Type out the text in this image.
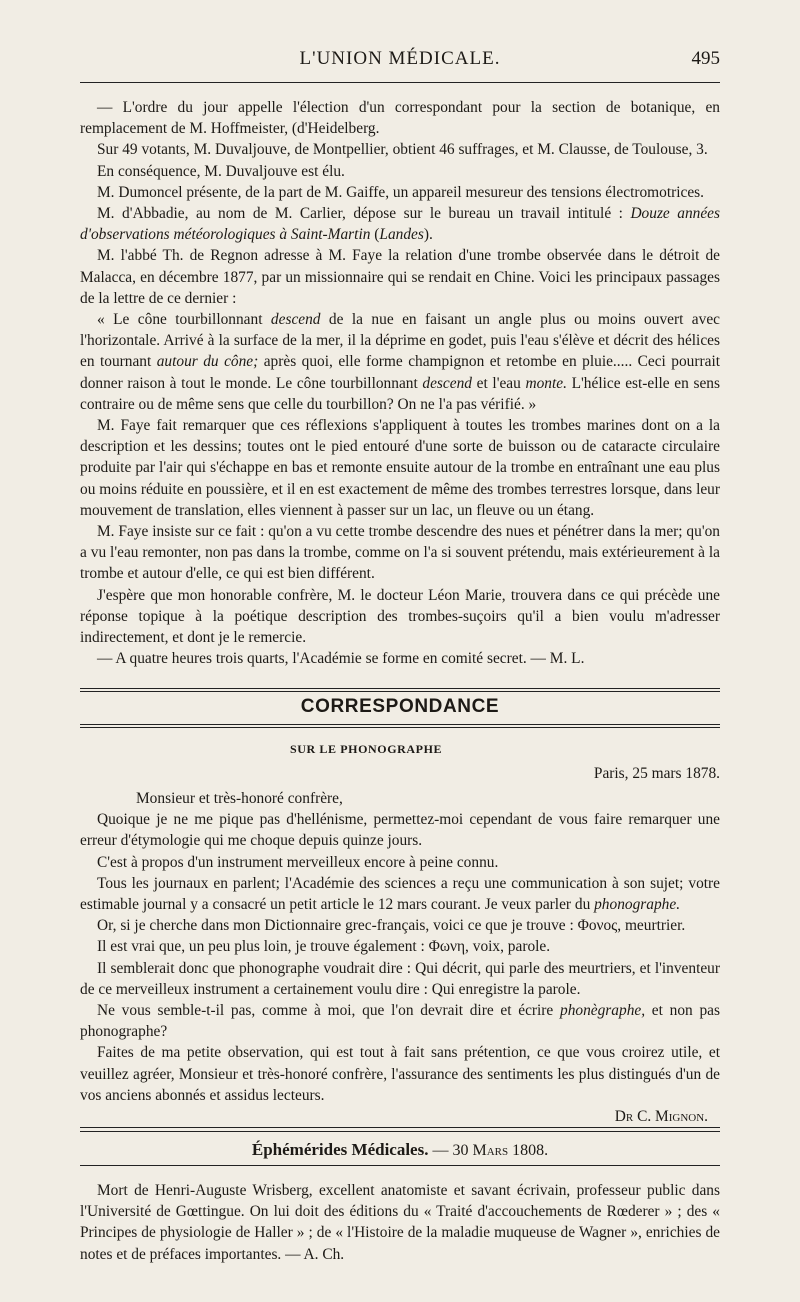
L'UNION MÉDICALE.	495

— L'ordre du jour appelle l'élection d'un correspondant pour la section de botanique, en remplacement de M. Hoffmeister, (d'Heidelberg.

Sur 49 votants, M. Duvaljouve, de Montpellier, obtient 46 suffrages, et M. Clausse, de Toulouse, 3.

En conséquence, M. Duvaljouve est élu.

M. Dumoncel présente, de la part de M. Gaiffe, un appareil mesureur des tensions électromotrices.

M. d'Abbadie, au nom de M. Carlier, dépose sur le bureau un travail intitulé : Douze années d'observations météorologiques à Saint-Martin (Landes).

M. l'abbé Th. de Regnon adresse à M. Faye la relation d'une trombe observée dans le détroit de Malacca, en décembre 1877, par un missionnaire qui se rendait en Chine. Voici les principaux passages de la lettre de ce dernier :

« Le cône tourbillonnant descend de la nue en faisant un angle plus ou moins ouvert avec l'horizontale. Arrivé à la surface de la mer, il la déprime en godet, puis l'eau s'élève et décrit des hélices en tournant autour du cône; après quoi, elle forme champignon et retombe en pluie..... Ceci pourrait donner raison à tout le monde. Le cône tourbillonnant descend et l'eau monte. L'hélice est-elle en sens contraire ou de même sens que celle du tourbillon? On ne l'a pas vérifié. »

M. Faye fait remarquer que ces réflexions s'appliquent à toutes les trombes marines dont on a la description et les dessins; toutes ont le pied entouré d'une sorte de buisson ou de cataracte circulaire produite par l'air qui s'échappe en bas et remonte ensuite autour de la trombe en entraînant une eau plus ou moins réduite en poussière, et il en est exactement de même des trombes terrestres lorsque, dans leur mouvement de translation, elles viennent à passer sur un lac, un fleuve ou un étang.

M. Faye insiste sur ce fait : qu'on a vu cette trombe descendre des nues et pénétrer dans la mer; qu'on a vu l'eau remonter, non pas dans la trombe, comme on l'a si souvent prétendu, mais extérieurement à la trombe et autour d'elle, ce qui est bien différent.

J'espère que mon honorable confrère, M. le docteur Léon Marie, trouvera dans ce qui précède une réponse topique à la poétique description des trombes-suçoirs qu'il a bien voulu m'adresser indirectement, et dont je le remercie.

— A quatre heures trois quarts, l'Académie se forme en comité secret. — M. L.

CORRESPONDANCE
SUR LE PHONOGRAPHE
Paris, 25 mars 1878.

Monsieur et très-honoré confrère,

Quoique je ne me pique pas d'hellénisme, permettez-moi cependant de vous faire remarquer une erreur d'étymologie qui me choque depuis quinze jours.

C'est à propos d'un instrument merveilleux encore à peine connu.

Tous les journaux en parlent; l'Académie des sciences a reçu une communication à son sujet; votre estimable journal y a consacré un petit article le 12 mars courant. Je veux parler du phonographe.

Or, si je cherche dans mon Dictionnaire grec-français, voici ce que je trouve : Φονος, meurtrier.

Il est vrai que, un peu plus loin, je trouve également : Φωνη, voix, parole.

Il semblerait donc que phonographe voudrait dire : Qui décrit, qui parle des meurtriers, et l'inventeur de ce merveilleux instrument a certainement voulu dire : Qui enregistre la parole.

Ne vous semble-t-il pas, comme à moi, que l'on devrait dire et écrire phonègraphe, et non pas phonographe?

Faites de ma petite observation, qui est tout à fait sans prétention, ce que vous croirez utile, et veuillez agréer, Monsieur et très-honoré confrère, l'assurance des sentiments les plus distingués d'un de vos anciens abonnés et assidus lecteurs.

Dr C. Mignon.

Éphémérides Médicales. — 30 Mars 1808.

Mort de Henri-Auguste Wrisberg, excellent anatomiste et savant écrivain, professeur public dans l'Université de Gœttingue. On lui doit des éditions du « Traité d'accouchements de Rœderer » ; des « Principes de physiologie de Haller » ; de « l'Histoire de la maladie muqueuse de Wagner », enrichies de notes et de préfaces importantes. — A. Ch.
